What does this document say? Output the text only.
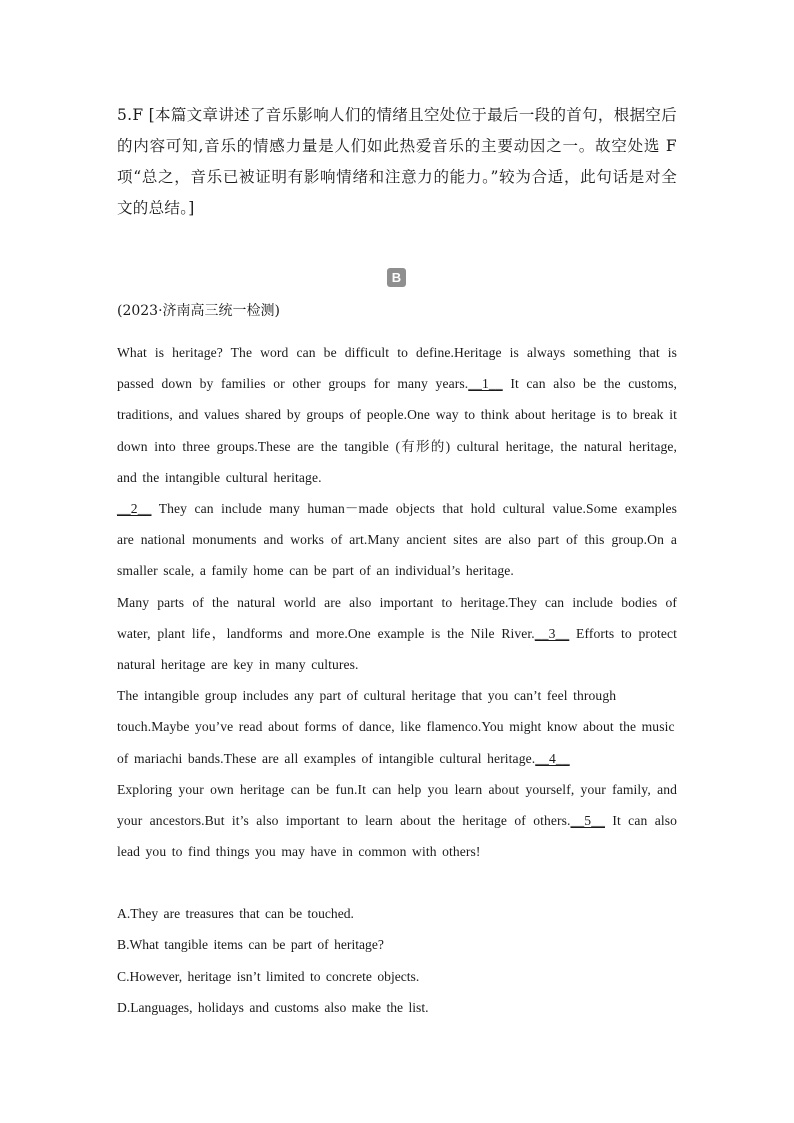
5.F [本篇文章讲述了音乐影响人们的情绪且空处位于最后一段的首句，根据空后的内容可知,音乐的情感力量是人们如此热爱音乐的主要动因之一。故空处选 F项“总之，音乐已被证明有影响情绪和注意力的能力。”较为合适，此句话是对全文的总结。]

B
(2023·济南高三统一检测)

What is heritage? The word can be difficult to define.Heritage is always something that is passed down by families or other groups for many years.__1__ It can also be the customs, traditions, and values shared by groups of people.One way to think about heritage is to break it down into three groups.These are the tangible (有形的) cultural heritage, the natural heritage, and the intangible cultural heritage.

__2__ They can include many human－made objects that hold cultural value.Some examples are national monuments and works of art.Many ancient sites are also part of this group.On a smaller scale, a family home can be part of an individual’s heritage.

Many parts of the natural world are also important to heritage.They can include bodies of water, plant life，landforms and more.One example is the Nile River.__3__ Efforts to protect natural heritage are key in many cultures.

The intangible group includes any part of cultural heritage that you can’t feel through touch.Maybe you’ve read about forms of dance, like flamenco.You might know about the music of mariachi bands.These are all examples of intangible cultural heritage.__4__

Exploring your own heritage can be fun.It can help you learn about yourself, your family, and your ancestors.But it’s also important to learn about the heritage of others.__5__ It can also lead you to find things you may have in common with others!

A.They are treasures that can be touched.
B.What tangible items can be part of heritage?
C.However, heritage isn’t limited to concrete objects.
D.Languages, holidays and customs also make the list.
